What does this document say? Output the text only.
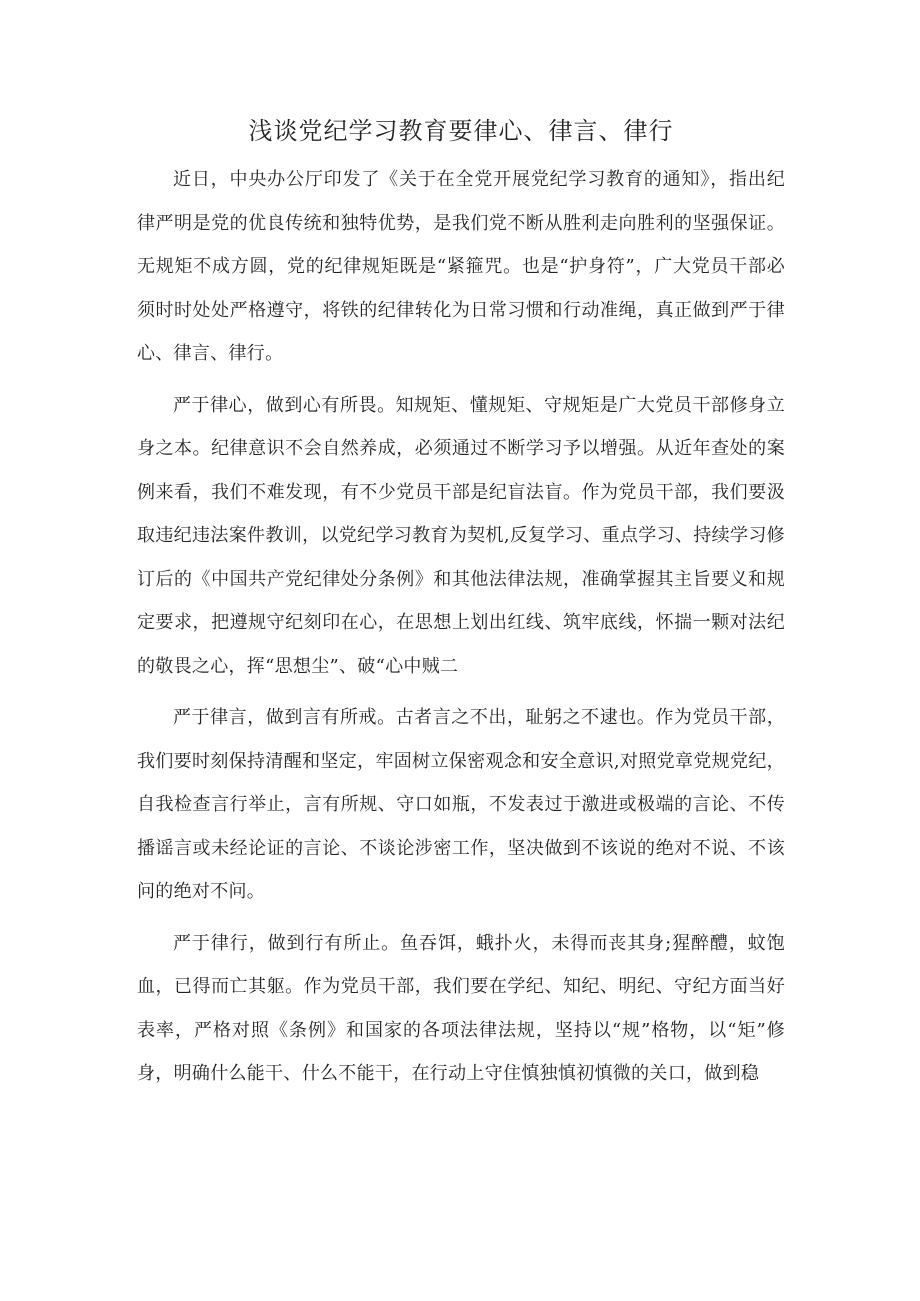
浅谈党纪学习教育要律心、律言、律行

近日，中央办公厅印发了《关于在全党开展党纪学习教育的通知》，指出纪律严明是党的优良传统和独特优势，是我们党不断从胜利走向胜利的坚强保证。无规矩不成方圆，党的纪律规矩既是“紧箍咒。也是“护身符”，广大党员干部必须时时处处严格遵守，将铁的纪律转化为日常习惯和行动准绳，真正做到严于律心、律言、律行。

严于律心，做到心有所畏。知规矩、懂规矩、守规矩是广大党员干部修身立身之本。纪律意识不会自然养成，必须通过不断学习予以增强。从近年查处的案例来看，我们不难发现，有不少党员干部是纪盲法盲。作为党员干部，我们要汲取违纪违法案件教训，以党纪学习教育为契机,反复学习、重点学习、持续学习修订后的《中国共产党纪律处分条例》和其他法律法规，准确掌握其主旨要义和规定要求，把遵规守纪刻印在心，在思想上划出红线、筑牢底线，怀揣一颗对法纪的敬畏之心，挥“思想尘”、破“心中贼二

严于律言，做到言有所戒。古者言之不出，耻躬之不逮也。作为党员干部，我们要时刻保持清醒和坚定，牢固树立保密观念和安全意识,对照党章党规党纪，自我检查言行举止，言有所规、守口如瓶，不发表过于激进或极端的言论、不传播谣言或未经论证的言论、不谈论涉密工作，坚决做到不该说的绝对不说、不该问的绝对不问。

严于律行，做到行有所止。鱼吞饵，蛾扑火，未得而丧其身;猩醉醴，蚊饱血，已得而亡其躯。作为党员干部，我们要在学纪、知纪、明纪、守纪方面当好表率，严格对照《条例》和国家的各项法律法规，坚持以“规”格物，以“矩”修身，明确什么能干、什么不能干，在行动上守住慎独慎初慎微的关口，做到稳
